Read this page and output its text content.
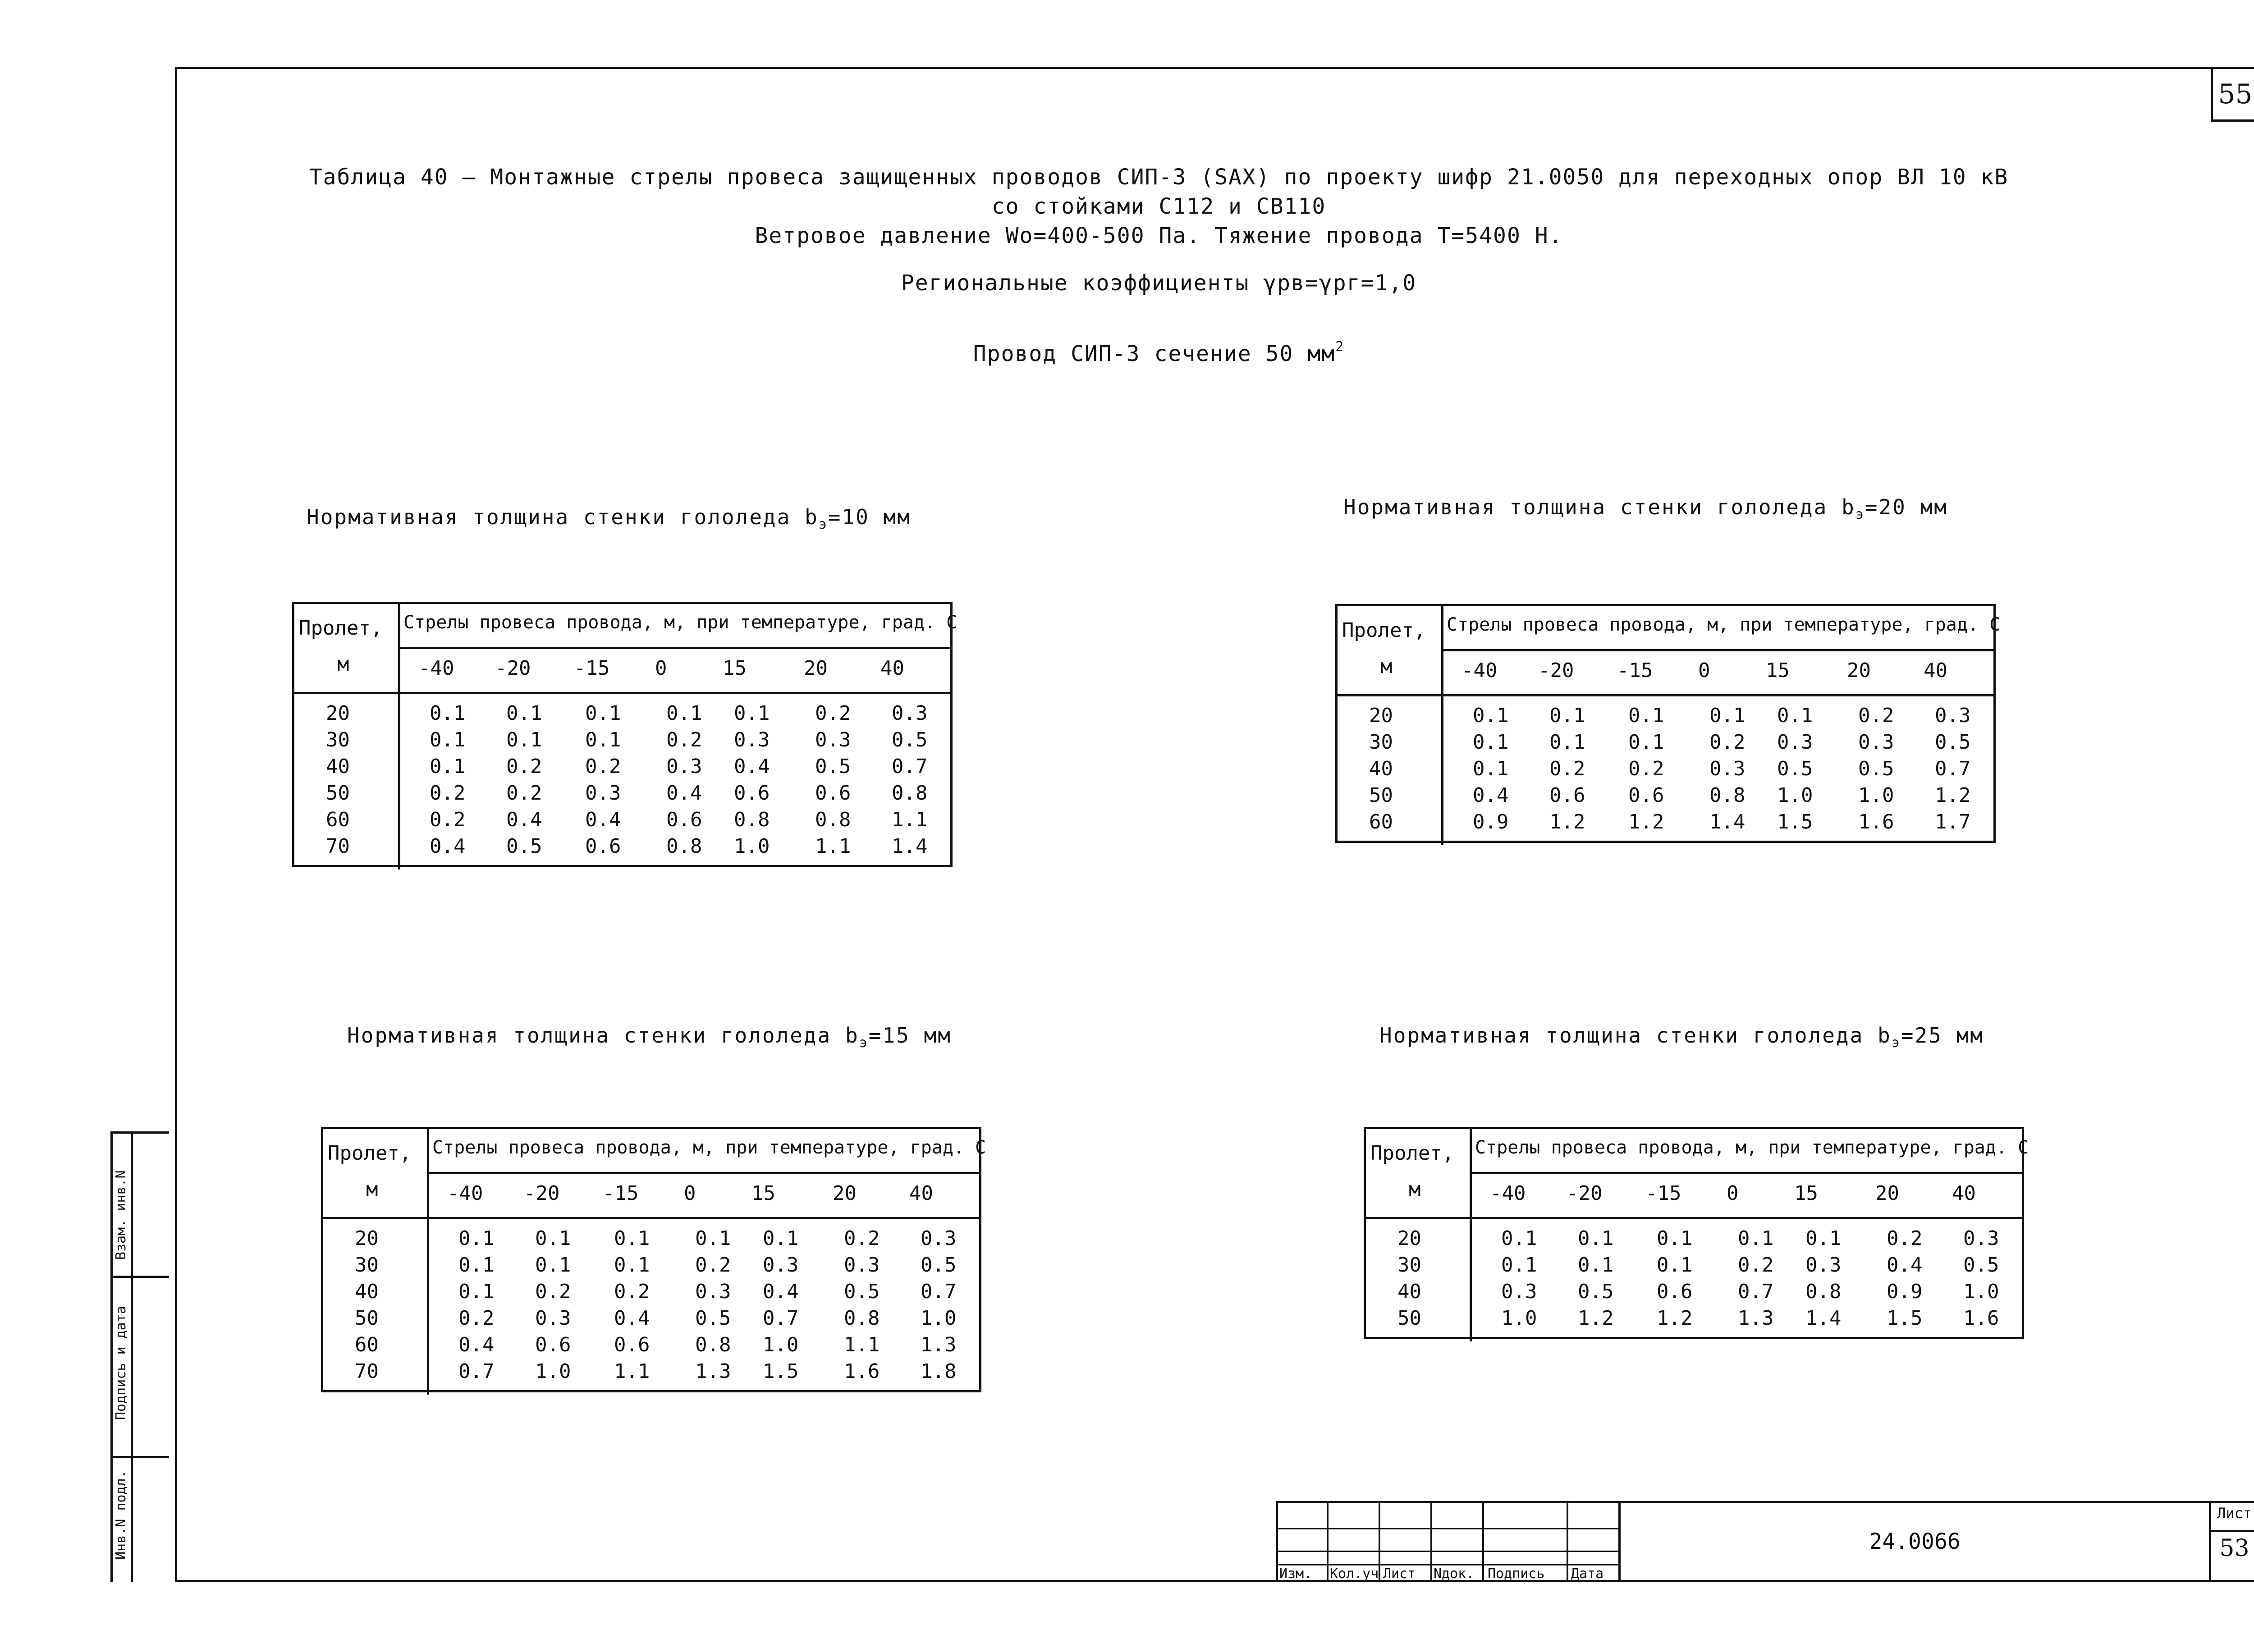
55
Таблица 40 – Монтажные стрелы провеса защищенных проводов СИП-3 (SAX) по проекту шифр 21.0050 для переходных опор ВЛ 10 кВ
со стойками С112 и СВ110
Ветровое давление Wo=400-500 Па. Тяжение провода Т=5400 Н.
Региональные коэффициенты γрв=γрг=1,0
Провод СИП-3 сечение 50 $мм^2$
Нормативная толщина стенки гололеда $b_э=10$ мм
Пролет,
м
Стрелы провеса провода, м, при температуре, град. С
-40 -20 -15 0	15	20	40
20	0.1 0.1 0.1 0.1 0.1 0.2 0.3
30	0.1 0.1 0.1 0.2 0.3 0.3 0.5
40	0.1 0.2 0.2 0.3 0.4 0.5 0.7
50	0.2 0.2 0.3 0.4 0.6 0.6 0.8
60	0.2 0.4 0.4 0.6 0.8 0.8 1.1
70	0.4 0.5 0.6 0.8 1.0 1.1 1.4
Нормативная толщина стенки гололеда $b_э=20$ мм
Пролет,
м
Стрелы провеса провода, м, при температуре, град. С
-40 -20 -15 0	15	20	40
20	0.1 0.1 0.1 0.1 0.1 0.2 0.3
30	0.1 0.1 0.1 0.2 0.3 0.3 0.5
40	0.1 0.2 0.2 0.3 0.5 0.5 0.7
50	0.4 0.6 0.6 0.8 1.0 1.0 1.2
60	0.9 1.2 1.2 1.4 1.5 1.6 1.7
Нормативная толщина стенки гололеда $b_э=15$ мм
Пролет,
м
Стрелы провеса провода, м, при температуре, град. С
-40 -20 -15 0	15	20	40
20	0.1 0.1 0.1 0.1 0.1 0.2 0.3
30	0.1 0.1 0.1 0.2 0.3 0.3 0.5
40	0.1 0.2 0.2 0.3 0.4 0.5 0.7
50	0.2 0.3 0.4 0.5 0.7 0.8 1.0
60	0.4 0.6 0.6 0.8 1.0 1.1 1.3
70	0.7 1.0 1.1 1.3 1.5 1.6 1.8
Нормативная толщина стенки гололеда $b_э=25$ мм
Пролет,
м
Стрелы провеса провода, м, при температуре, град. С
-40 -20 -15 0	15	20	40
20	0.1 0.1 0.1 0.1 0.1 0.2 0.3
30	0.1 0.1 0.1 0.2 0.3 0.4 0.5
40	0.3 0.5 0.6 0.7 0.8 0.9 1.0
50	1.0 1.2 1.2 1.3 1.4 1.5 1.6
Взам. инв.N
Подпись и дата
Инв.N подл.
Изм. Кол.уч Лист Nдок. Подпись Дата
24.0066
Лист
53
